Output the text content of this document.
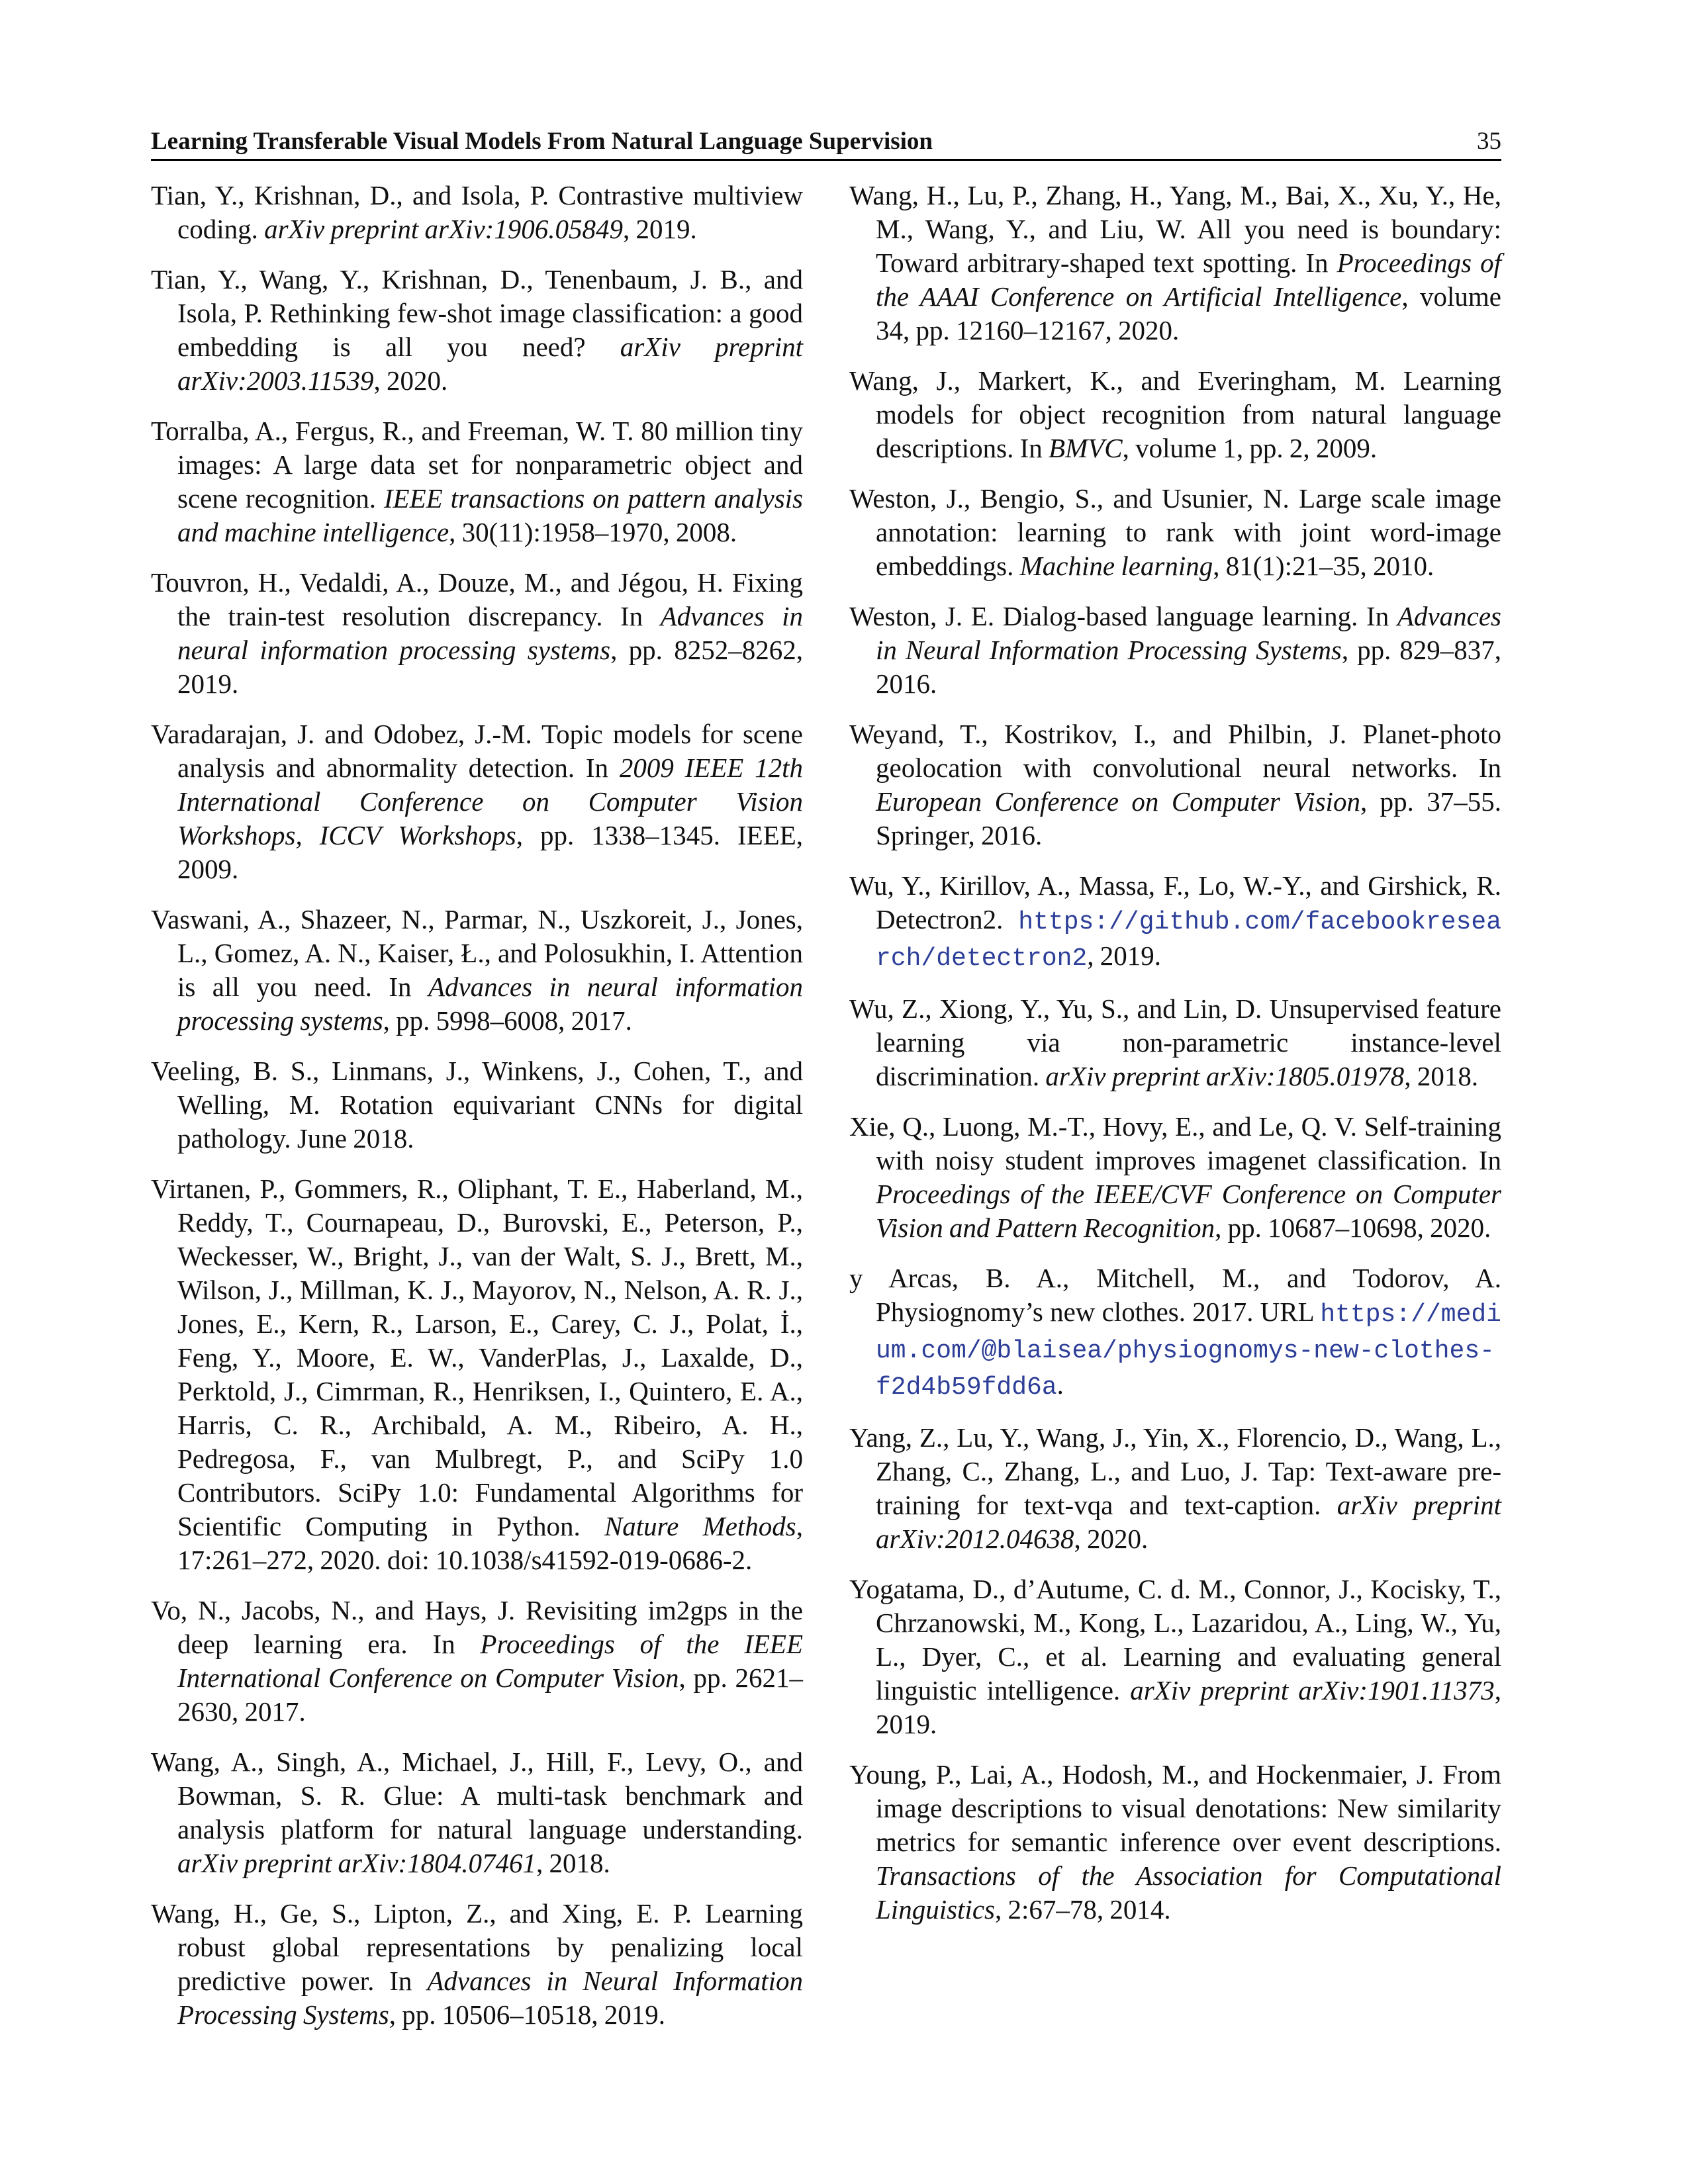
Learning Transferable Visual Models From Natural Language Supervision	35

Tian, Y., Krishnan, D., and Isola, P. Contrastive multiview coding. arXiv preprint arXiv:1906.05849, 2019.

Tian, Y., Wang, Y., Krishnan, D., Tenenbaum, J. B., and Isola, P. Rethinking few-shot image classification: a good embedding is all you need? arXiv preprint arXiv:2003.11539, 2020.

Torralba, A., Fergus, R., and Freeman, W. T. 80 million tiny images: A large data set for nonparametric object and scene recognition. IEEE transactions on pattern analysis and machine intelligence, 30(11):1958–1970, 2008.

Touvron, H., Vedaldi, A., Douze, M., and Jégou, H. Fixing the train-test resolution discrepancy. In Advances in neural information processing systems, pp. 8252–8262, 2019.

Varadarajan, J. and Odobez, J.-M. Topic models for scene analysis and abnormality detection. In 2009 IEEE 12th International Conference on Computer Vision Workshops, ICCV Workshops, pp. 1338–1345. IEEE, 2009.

Vaswani, A., Shazeer, N., Parmar, N., Uszkoreit, J., Jones, L., Gomez, A. N., Kaiser, Ł., and Polosukhin, I. Attention is all you need. In Advances in neural information processing systems, pp. 5998–6008, 2017.

Veeling, B. S., Linmans, J., Winkens, J., Cohen, T., and Welling, M. Rotation equivariant CNNs for digital pathology. June 2018.

Virtanen, P., Gommers, R., Oliphant, T. E., Haberland, M., Reddy, T., Cournapeau, D., Burovski, E., Peterson, P., Weckesser, W., Bright, J., van der Walt, S. J., Brett, M., Wilson, J., Millman, K. J., Mayorov, N., Nelson, A. R. J., Jones, E., Kern, R., Larson, E., Carey, C. J., Polat, İ., Feng, Y., Moore, E. W., VanderPlas, J., Laxalde, D., Perktold, J., Cimrman, R., Henriksen, I., Quintero, E. A., Harris, C. R., Archibald, A. M., Ribeiro, A. H., Pedregosa, F., van Mulbregt, P., and SciPy 1.0 Contributors. SciPy 1.0: Fundamental Algorithms for Scientific Computing in Python. Nature Methods, 17:261–272, 2020. doi: 10.1038/s41592-019-0686-2.

Vo, N., Jacobs, N., and Hays, J. Revisiting im2gps in the deep learning era. In Proceedings of the IEEE International Conference on Computer Vision, pp. 2621–2630, 2017.

Wang, A., Singh, A., Michael, J., Hill, F., Levy, O., and Bowman, S. R. Glue: A multi-task benchmark and analysis platform for natural language understanding. arXiv preprint arXiv:1804.07461, 2018.

Wang, H., Ge, S., Lipton, Z., and Xing, E. P. Learning robust global representations by penalizing local predictive power. In Advances in Neural Information Processing Systems, pp. 10506–10518, 2019.

Wang, H., Lu, P., Zhang, H., Yang, M., Bai, X., Xu, Y., He, M., Wang, Y., and Liu, W. All you need is boundary: Toward arbitrary-shaped text spotting. In Proceedings of the AAAI Conference on Artificial Intelligence, volume 34, pp. 12160–12167, 2020.

Wang, J., Markert, K., and Everingham, M. Learning models for object recognition from natural language descriptions. In BMVC, volume 1, pp. 2, 2009.

Weston, J., Bengio, S., and Usunier, N. Large scale image annotation: learning to rank with joint word-image embeddings. Machine learning, 81(1):21–35, 2010.

Weston, J. E. Dialog-based language learning. In Advances in Neural Information Processing Systems, pp. 829–837, 2016.

Weyand, T., Kostrikov, I., and Philbin, J. Planet-photo geolocation with convolutional neural networks. In European Conference on Computer Vision, pp. 37–55. Springer, 2016.

Wu, Y., Kirillov, A., Massa, F., Lo, W.-Y., and Girshick, R. Detectron2. https://github.com/facebookresearch/detectron2, 2019.

Wu, Z., Xiong, Y., Yu, S., and Lin, D. Unsupervised feature learning via non-parametric instance-level discrimination. arXiv preprint arXiv:1805.01978, 2018.

Xie, Q., Luong, M.-T., Hovy, E., and Le, Q. V. Self-training with noisy student improves imagenet classification. In Proceedings of the IEEE/CVF Conference on Computer Vision and Pattern Recognition, pp. 10687–10698, 2020.

y Arcas, B. A., Mitchell, M., and Todorov, A. Physiognomy’s new clothes. 2017. URL https://medium.com/@blaisea/physiognomys-new-clothes-f2d4b59fdd6a.

Yang, Z., Lu, Y., Wang, J., Yin, X., Florencio, D., Wang, L., Zhang, C., Zhang, L., and Luo, J. Tap: Text-aware pre-training for text-vqa and text-caption. arXiv preprint arXiv:2012.04638, 2020.

Yogatama, D., d’Autume, C. d. M., Connor, J., Kocisky, T., Chrzanowski, M., Kong, L., Lazaridou, A., Ling, W., Yu, L., Dyer, C., et al. Learning and evaluating general linguistic intelligence. arXiv preprint arXiv:1901.11373, 2019.

Young, P., Lai, A., Hodosh, M., and Hockenmaier, J. From image descriptions to visual denotations: New similarity metrics for semantic inference over event descriptions. Transactions of the Association for Computational Linguistics, 2:67–78, 2014.
